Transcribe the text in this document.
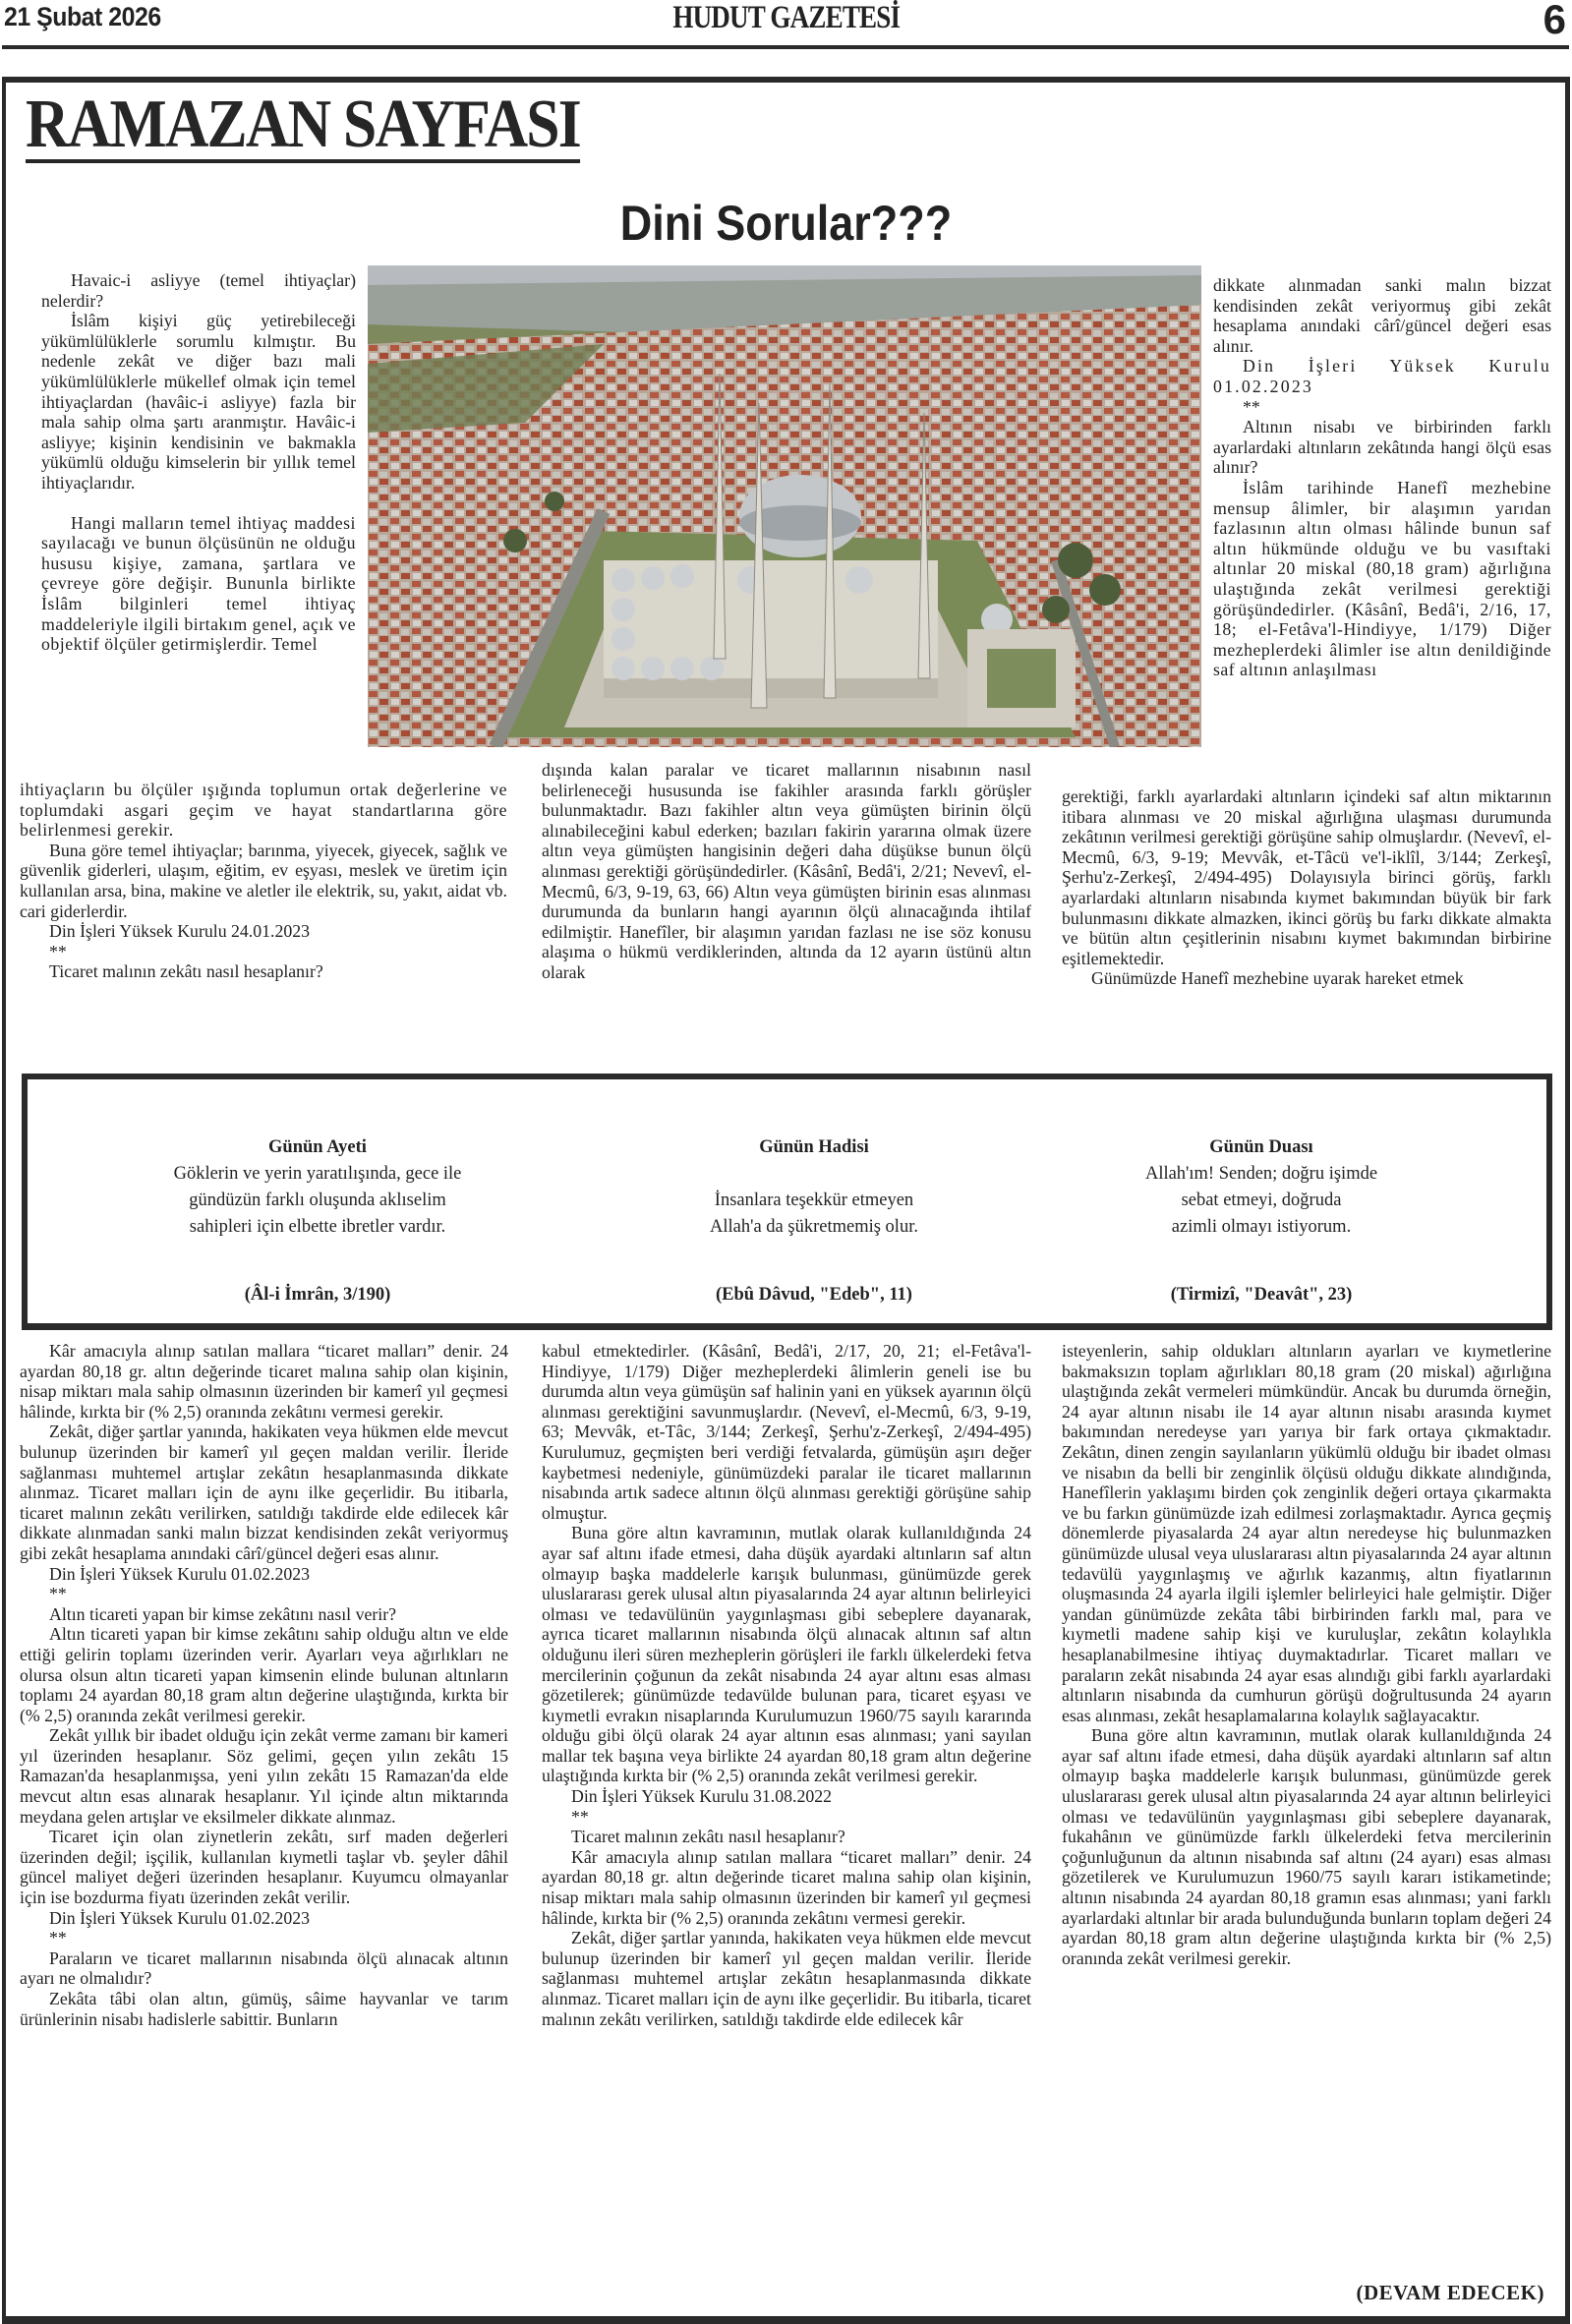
21 Şubat 2026	HUDUT GAZETESİ	6
RAMAZAN SAYFASI
Dini Sorular???

Havaic-i asliyye (temel ihtiyaçlar) nelerdir?

İslâm kişiyi güç yetirebileceği yükümlülüklerle sorumlu kılmıştır. Bu nedenle zekât ve diğer bazı mali yükümlülüklerle mükellef olmak için temel ihtiyaçlardan (havâic-i asliyye) fazla bir mala sahip olma şartı aranmıştır. Havâic-i asliyye; kişinin kendisinin ve bakmakla yükümlü olduğu kimselerin bir yıllık temel ihtiyaçlarıdır.

Hangi malların temel ihtiyaç maddesi sayılacağı ve bunun ölçüsünün ne olduğu hususu kişiye, zamana, şartlara ve çevreye göre değişir. Bununla birlikte İslâm bilginleri temel ihtiyaç maddeleriyle ilgili birtakım genel, açık ve objektif ölçüler getirmişlerdir. Temel

ihtiyaçların bu ölçüler ışığında toplumun ortak değerlerine ve toplumdaki asgari geçim ve hayat standartlarına göre belirlenmesi gerekir.

Buna göre temel ihtiyaçlar; barınma, yiyecek, giyecek, sağlık ve güvenlik giderleri, ulaşım, eğitim, ev eşyası, meslek ve üretim için kullanılan arsa, bina, makine ve aletler ile elektrik, su, yakıt, aidat vb. cari giderlerdir.

Din İşleri Yüksek Kurulu 24.01.2023

**

Ticaret malının zekâtı nasıl hesaplanır?

dışında kalan paralar ve ticaret mallarının nisabının nasıl belirleneceği hususunda ise fakihler arasında farklı görüşler bulunmaktadır. Bazı fakihler altın veya gümüşten birinin ölçü alınabileceğini kabul ederken; bazıları fakirin yararına olmak üzere altın veya gümüşten hangisinin değeri daha düşükse bunun ölçü alınması gerektiği görüşündedirler. (Kâsânî, Bedâ'i, 2/21; Nevevî, el-Mecmû, 6/3, 9-19, 63, 66) Altın veya gümüşten birinin esas alınması durumunda da bunların hangi ayarının ölçü alınacağında ihtilaf edilmiştir. Hanefîler, bir alaşımın yarıdan fazlası ne ise söz konusu alaşıma o hükmü verdiklerinden, altında da 12 ayarın üstünü altın olarak

dikkate alınmadan sanki malın bizzat kendisinden zekât veriyormuş gibi zekât hesaplama anındaki cârî/güncel değeri esas alınır.

Din İşleri Yüksek Kurulu 01.02.2023

**

Altının nisabı ve birbirinden farklı ayarlardaki altınların zekâtında hangi ölçü esas alınır?

İslâm tarihinde Hanefî mezhebine mensup âlimler, bir alaşımın yarıdan fazlasının altın olması hâlinde bunun saf altın hükmünde olduğu ve bu vasıftaki altınlar 20 miskal (80,18 gram) ağırlığına ulaştığında zekât verilmesi gerektiği görüşündedirler. (Kâsânî, Bedâ'i, 2/16, 17, 18; el-Fetâva'l-Hindiyye, 1/179) Diğer mezheplerdeki âlimler ise altın denildiğinde saf altının anlaşılması

gerektiği, farklı ayarlardaki altınların içindeki saf altın miktarının itibara alınması ve 20 miskal ağırlığına ulaşması durumunda zekâtının verilmesi gerektiği görüşüne sahip olmuşlardır. (Nevevî, el-Mecmû, 6/3, 9-19; Mevvâk, et-Tâcü ve'l-iklîl, 3/144; Zerkeşî, Şerhu'z-Zerkeşî, 2/494-495) Dolayısıyla birinci görüş, farklı ayarlardaki altınların nisabında kıymet bakımından büyük bir fark bulunmasını dikkate almazken, ikinci görüş bu farkı dikkate almakta ve bütün altın çeşitlerinin nisabını kıymet bakımından birbirine eşitlemektedir.

Günümüzde Hanefî mezhebine uyarak hareket etmek

Günün Ayeti
Göklerin ve yerin yaratılışında, gece ile
gündüzün farklı oluşunda aklıselim
sahipleri için elbette ibretler vardır.
(Âl-i İmrân, 3/190)
Günün Hadisi
İnsanlara teşekkür etmeyen
Allah'a da şükretmemiş olur.
(Ebû Dâvud, "Edeb", 11)
Günün Duası
Allah'ım! Senden; doğru işimde
sebat etmeyi, doğruda
azimli olmayı istiyorum.
(Tirmizî, "Deavât", 23)

Kâr amacıyla alınıp satılan mallara “ticaret malları” denir. 24 ayardan 80,18 gr. altın değerinde ticaret malına sahip olan kişinin, nisap miktarı mala sahip olmasının üzerinden bir kamerî yıl geçmesi hâlinde, kırkta bir (% 2,5) oranında zekâtını vermesi gerekir.

Zekât, diğer şartlar yanında, hakikaten veya hükmen elde mevcut bulunup üzerinden bir kamerî yıl geçen maldan verilir. İleride sağlanması muhtemel artışlar zekâtın hesaplanmasında dikkate alınmaz. Ticaret malları için de aynı ilke geçerlidir. Bu itibarla, ticaret malının zekâtı verilirken, satıldığı takdirde elde edilecek kâr dikkate alınmadan sanki malın bizzat kendisinden zekât veriyormuş gibi zekât hesaplama anındaki cârî/güncel değeri esas alınır.

Din İşleri Yüksek Kurulu 01.02.2023

**

Altın ticareti yapan bir kimse zekâtını nasıl verir?

Altın ticareti yapan bir kimse zekâtını sahip olduğu altın ve elde ettiği gelirin toplamı üzerinden verir. Ayarları veya ağırlıkları ne olursa olsun altın ticareti yapan kimsenin elinde bulunan altınların toplamı 24 ayardan 80,18 gram altın değerine ulaştığında, kırkta bir (% 2,5) oranında zekât verilmesi gerekir.

Zekât yıllık bir ibadet olduğu için zekât verme zamanı bir kameri yıl üzerinden hesaplanır. Söz gelimi, geçen yılın zekâtı 15 Ramazan'da hesaplanmışsa, yeni yılın zekâtı 15 Ramazan'da elde mevcut altın esas alınarak hesaplanır. Yıl içinde altın miktarında meydana gelen artışlar ve eksilmeler dikkate alınmaz.

Ticaret için olan ziynetlerin zekâtı, sırf maden değerleri üzerinden değil; işçilik, kullanılan kıymetli taşlar vb. şeyler dâhil güncel maliyet değeri üzerinden hesaplanır. Kuyumcu olmayanlar için ise bozdurma fiyatı üzerinden zekât verilir.

Din İşleri Yüksek Kurulu 01.02.2023

**

Paraların ve ticaret mallarının nisabında ölçü alınacak altının ayarı ne olmalıdır?

Zekâta tâbi olan altın, gümüş, sâime hayvanlar ve tarım ürünlerinin nisabı hadislerle sabittir. Bunların

kabul etmektedirler. (Kâsânî, Bedâ'i, 2/17, 20, 21; el-Fetâva'l-Hindiyye, 1/179) Diğer mezheplerdeki âlimlerin geneli ise bu durumda altın veya gümüşün saf halinin yani en yüksek ayarının ölçü alınması gerektiğini savunmuşlardır. (Nevevî, el-Mecmû, 6/3, 9-19, 63; Mevvâk, et-Tâc, 3/144; Zerkeşî, Şerhu'z-Zerkeşî, 2/494-495) Kurulumuz, geçmişten beri verdiği fetvalarda, gümüşün aşırı değer kaybetmesi nedeniyle, günümüzdeki paralar ile ticaret mallarının nisabında artık sadece altının ölçü alınması gerektiği görüşüne sahip olmuştur.

Buna göre altın kavramının, mutlak olarak kullanıldığında 24 ayar saf altını ifade etmesi, daha düşük ayardaki altınların saf altın olmayıp başka maddelerle karışık bulunması, günümüzde gerek uluslararası gerek ulusal altın piyasalarında 24 ayar altının belirleyici olması ve tedavülünün yaygınlaşması gibi sebeplere dayanarak, ayrıca ticaret mallarının nisabında ölçü alınacak altının saf altın olduğunu ileri süren mezheplerin görüşleri ile farklı ülkelerdeki fetva mercilerinin çoğunun da zekât nisabında 24 ayar altını esas alması gözetilerek; günümüzde tedavülde bulunan para, ticaret eşyası ve kıymetli evrakın nisaplarında Kurulumuzun 1960/75 sayılı kararında olduğu gibi ölçü olarak 24 ayar altının esas alınması; yani sayılan mallar tek başına veya birlikte 24 ayardan 80,18 gram altın değerine ulaştığında kırkta bir (% 2,5) oranında zekât verilmesi gerekir.

Din İşleri Yüksek Kurulu 31.08.2022

**

Ticaret malının zekâtı nasıl hesaplanır?

Kâr amacıyla alınıp satılan mallara “ticaret malları” denir. 24 ayardan 80,18 gr. altın değerinde ticaret malına sahip olan kişinin, nisap miktarı mala sahip olmasının üzerinden bir kamerî yıl geçmesi hâlinde, kırkta bir (% 2,5) oranında zekâtını vermesi gerekir.

Zekât, diğer şartlar yanında, hakikaten veya hükmen elde mevcut bulunup üzerinden bir kamerî yıl geçen maldan verilir. İleride sağlanması muhtemel artışlar zekâtın hesaplanmasında dikkate alınmaz. Ticaret malları için de aynı ilke geçerlidir. Bu itibarla, ticaret malının zekâtı verilirken, satıldığı takdirde elde edilecek kâr

isteyenlerin, sahip oldukları altınların ayarları ve kıymetlerine bakmaksızın toplam ağırlıkları 80,18 gram (20 miskal) ağırlığına ulaştığında zekât vermeleri mümkündür. Ancak bu durumda örneğin, 24 ayar altının nisabı ile 14 ayar altının nisabı arasında kıymet bakımından neredeyse yarı yarıya bir fark ortaya çıkmaktadır. Zekâtın, dinen zengin sayılanların yükümlü olduğu bir ibadet olması ve nisabın da belli bir zenginlik ölçüsü olduğu dikkate alındığında, Hanefîlerin yaklaşımı birden çok zenginlik değeri ortaya çıkarmakta ve bu farkın günümüzde izah edilmesi zorlaşmaktadır. Ayrıca geçmiş dönemlerde piyasalarda 24 ayar altın neredeyse hiç bulunmazken günümüzde ulusal veya uluslararası altın piyasalarında 24 ayar altının tedavülü yaygınlaşmış ve ağırlık kazanmış, altın fiyatlarının oluşmasında 24 ayarla ilgili işlemler belirleyici hale gelmiştir. Diğer yandan günümüzde zekâta tâbi birbirinden farklı mal, para ve kıymetli madene sahip kişi ve kuruluşlar, zekâtın kolaylıkla hesaplanabilmesine ihtiyaç duymaktadırlar. Ticaret malları ve paraların zekât nisabında 24 ayar esas alındığı gibi farklı ayarlardaki altınların nisabında da cumhurun görüşü doğrultusunda 24 ayarın esas alınması, zekât hesaplamalarına kolaylık sağlayacaktır.

Buna göre altın kavramının, mutlak olarak kullanıldığında 24 ayar saf altını ifade etmesi, daha düşük ayardaki altınların saf altın olmayıp başka maddelerle karışık bulunması, günümüzde gerek uluslararası gerek ulusal altın piyasalarında 24 ayar altının belirleyici olması ve tedavülünün yaygınlaşması gibi sebeplere dayanarak, fukahânın ve günümüzde farklı ülkelerdeki fetva mercilerinin çoğunluğunun da altının nisabında saf altını (24 ayarı) esas alması gözetilerek ve Kurulumuzun 1960/75 sayılı kararı istikametinde; altının nisabında 24 ayardan 80,18 gramın esas alınması; yani farklı ayarlardaki altınlar bir arada bulunduğunda bunların toplam değeri 24 ayardan 80,18 gram altın değerine ulaştığında kırkta bir (% 2,5) oranında zekât verilmesi gerekir.

(DEVAM EDECEK)
